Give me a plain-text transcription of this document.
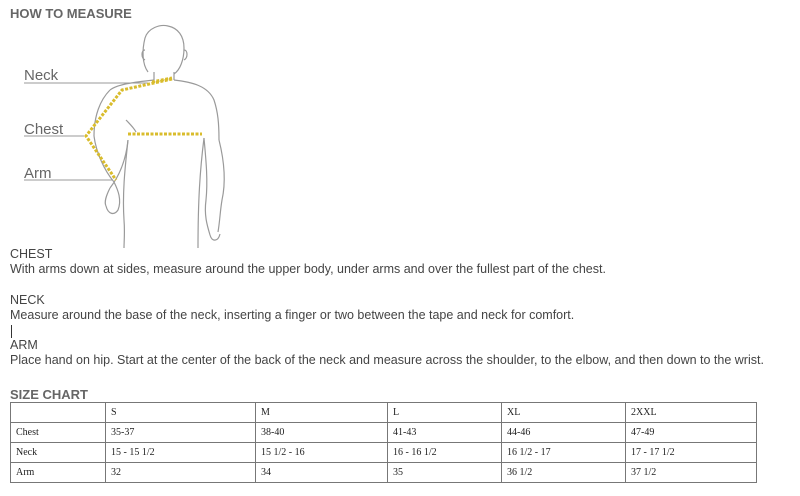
HOW TO MEASURE
Neck
Chest
Arm
CHEST
With arms down at sides, measure around the upper body, under arms and over the fullest part of the chest.
NECK
Measure around the base of the neck, inserting a finger or two between the tape and neck for comfort.
ARM
Place hand on hip. Start at the center of the back of the neck and measure across the shoulder, to the elbow, and then down to the wrist.
SIZE CHART
	S	M	L	XL	2XXL
Chest	35-37	38-40	41-43	44-46	47-49
Neck	15 - 15 1/2	15 1/2 - 16	16 - 16 1/2	16 1/2 - 17	17 - 17 1/2
Arm	32	34	35	36 1/2	37 1/2
